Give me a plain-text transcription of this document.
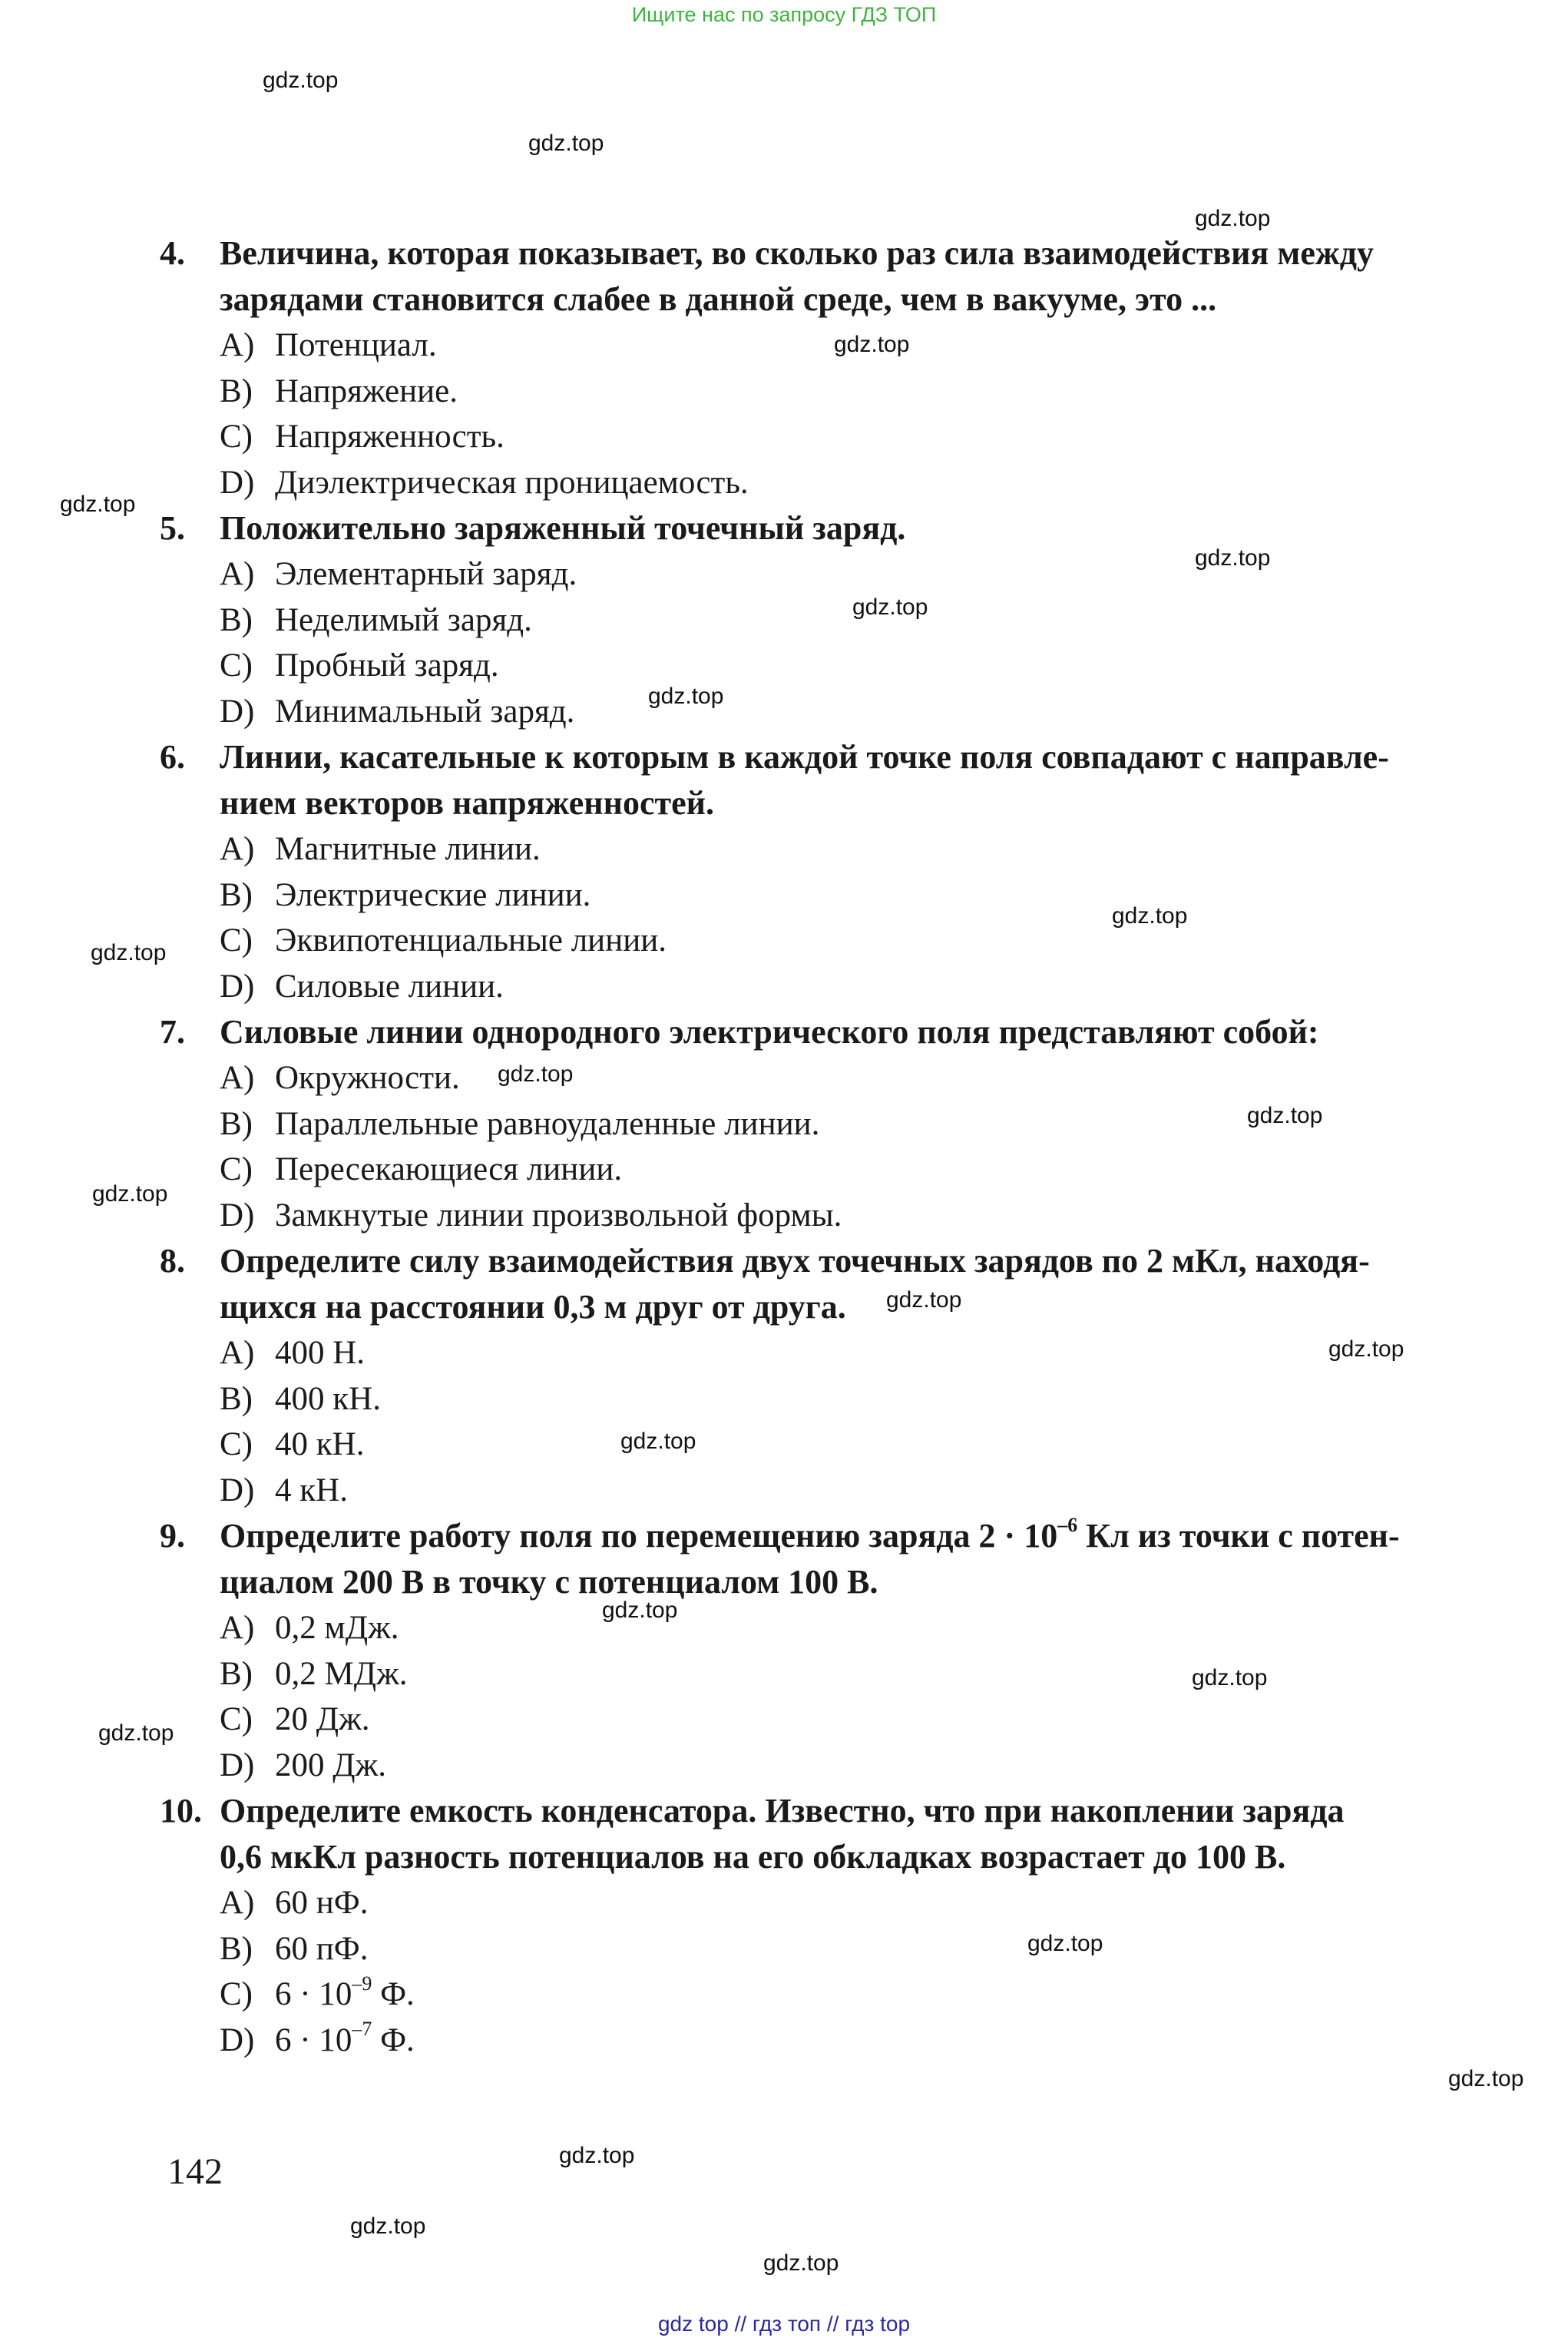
Ищите нас по запросу ГДЗ ТОП
gdz.top
gdz.top
gdz.top
gdz.top
gdz.top
gdz.top
gdz.top
gdz.top
gdz.top
gdz.top
gdz.top
gdz.top
gdz.top
gdz.top
gdz.top
gdz.top
gdz.top
gdz.top
gdz.top
gdz.top
gdz.top
gdz.top
gdz.top
gdz.top
4. Величина, которая показывает, во сколько раз сила взаимодействия между
зарядами становится слабее в данной среде, чем в вакууме, это ...
A) Потенциал.
B) Напряжение.
C) Напряженность.
D) Диэлектрическая проницаемость.
5. Положительно заряженный точечный заряд.
A) Элементарный заряд.
B) Неделимый заряд.
C) Пробный заряд.
D) Минимальный заряд.
6. Линии, касательные к которым в каждой точке поля совпадают с направле-
нием векторов напряженностей.
A) Магнитные линии.
B) Электрические линии.
C) Эквипотенциальные линии.
D) Силовые линии.
7. Силовые линии однородного электрического поля представляют собой:
A) Окружности.
B) Параллельные равноудаленные линии.
C) Пересекающиеся линии.
D) Замкнутые линии произвольной формы.
8. Определите силу взаимодействия двух точечных зарядов по 2 мКл, находя-
щихся на расстоянии 0,3 м друг от друга.
A) 400 Н.
B) 400 кН.
C) 40 кН.
D) 4 кН.
9. Определите работу поля по перемещению заряда $2 \cdot 10^{-6}$ Кл из точки с потен-
циалом 200 В в точку с потенциалом 100 В.
A) 0,2 мДж.
B) 0,2 МДж.
C) 20 Дж.
D) 200 Дж.
10. Определите емкость конденсатора. Известно, что при накоплении заряда
0,6 мкКл разность потенциалов на его обкладках возрастает до 100 В.
A) 60 нФ.
B) 60 пФ.
C) $6 \cdot 10^{-9}$ Ф.
D) $6 \cdot 10^{-7}$ Ф.
142
gdz top // гдз топ // гдз top
